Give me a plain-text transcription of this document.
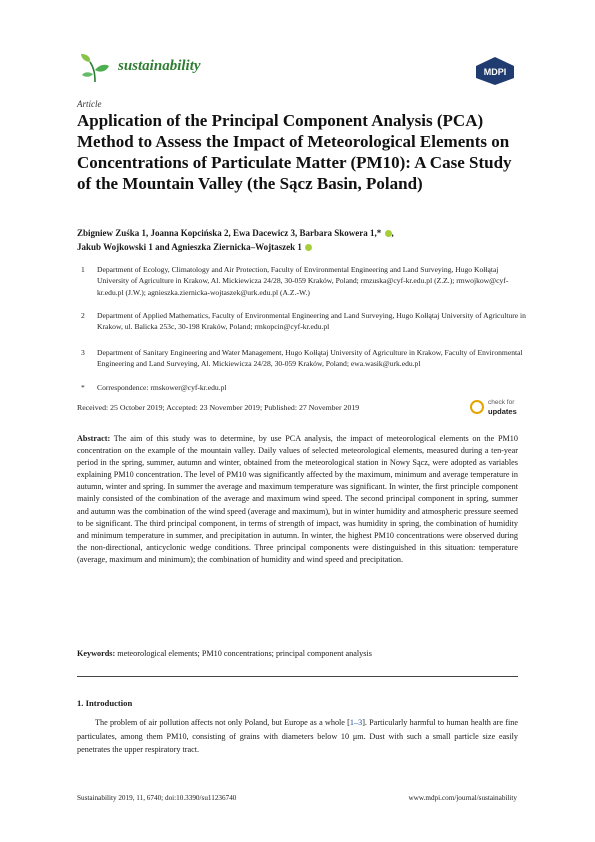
sustainability	MDPI
Article
Application of the Principal Component Analysis (PCA) Method to Assess the Impact of Meteorological Elements on Concentrations of Particulate Matter (PM10): A Case Study of the Mountain Valley (the Sącz Basin, Poland)
Zbigniew Zuśka 1, Joanna Kopcińska 2, Ewa Dacewicz 3, Barbara Skowera 1,* ,
Jakub Wojkowski 1 and Agnieszka Ziernicka–Wojtaszek 1
1 Department of Ecology, Climatology and Air Protection, Faculty of Environmental Engineering and Land Surveying, Hugo Kołłątaj University of Agriculture in Krakow, Al. Mickiewicza 24/28, 30-059 Kraków, Poland; rmzuska@cyf-kr.edu.pl (Z.Z.); rmwojkow@cyf-kr.edu.pl (J.W.); agnieszka.ziernicka-wojtaszek@urk.edu.pl (A.Z.-W.)
2 Department of Applied Mathematics, Faculty of Environmental Engineering and Land Surveying, Hugo Kołłątaj University of Agriculture in Krakow, ul. Balicka 253c, 30-198 Kraków, Poland; rmkopcin@cyf-kr.edu.pl
3 Department of Sanitary Engineering and Water Management, Hugo Kołłątaj University of Agriculture in Krakow, Faculty of Environmental Engineering and Land Surveying, Al. Mickiewicza 24/28, 30-059 Kraków, Poland; ewa.wasik@urk.edu.pl
* Correspondence: rmskower@cyf-kr.edu.pl
Received: 25 October 2019; Accepted: 23 November 2019; Published: 27 November 2019
check for
updates

Abstract: The aim of this study was to determine, by use PCA analysis, the impact of meteorological elements on the PM10 concentration on the example of the mountain valley. Daily values of selected meteorological elements, measured during a ten-year period in the spring, summer, autumn and winter, obtained from the meteorological station in Nowy Sącz, were adopted as variables explaining PM10 concentration. The level of PM10 was significantly affected by the maximum, minimum and average temperature in autumn, winter and spring. In summer the average and maximum temperature was significant. In winter, the first principle component mainly consisted of the combination of the average and maximum wind speed. The second principal component in spring, summer and autumn was the combination of the wind speed (average and maximum), but in winter humidity and atmospheric pressure seemed to be significant. The third principal component, in terms of strength of impact, was humidity in spring, the combination of humidity and minimum temperature in summer, and precipitation in autumn. In winter, the highest PM10 concentrations were observed during the non-directional, anticyclonic wedge conditions. Three principal components were distinguished in this situation: temperature (average, maximum and minimum); the combination of humidity and wind speed and precipitation.

Keywords: meteorological elements; PM10 concentrations; principal component analysis

1. Introduction

The problem of air pollution affects not only Poland, but Europe as a whole [1–3]. Particularly harmful to human health are fine particulates, among them PM10, consisting of grains with diameters below 10 μm. Dust with such a small particle size easily penetrates the upper respiratory tract.

Sustainability 2019, 11, 6740; doi:10.3390/su11236740	www.mdpi.com/journal/sustainability
